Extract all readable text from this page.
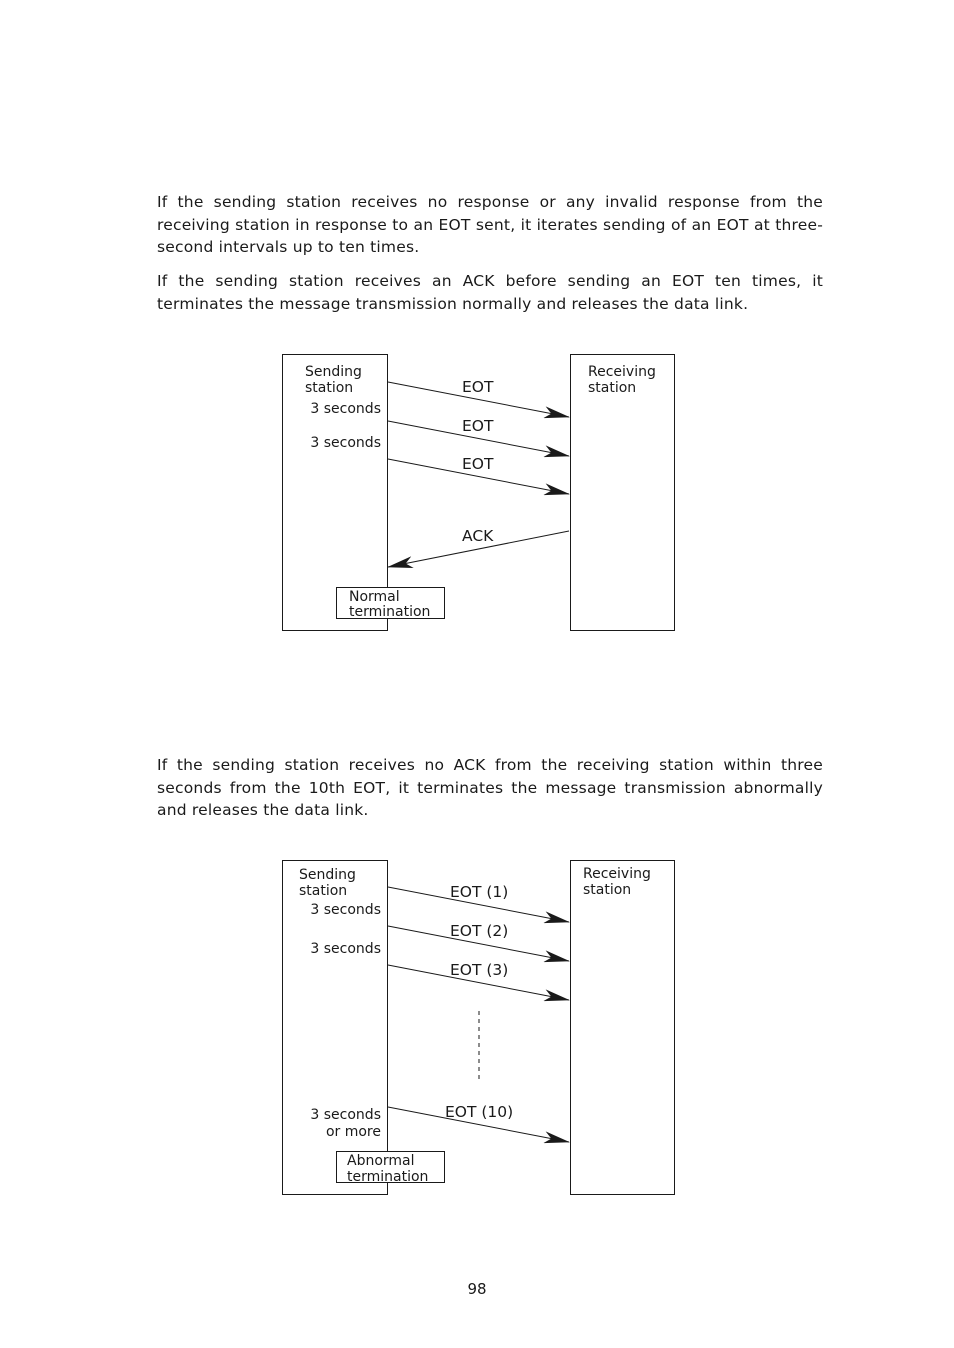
If the sending station receives no response or any invalid response from the receiving station in response to an EOT sent, it iterates sending of an EOT at three-second intervals up to ten times.

If the sending station receives an ACK before sending an EOT ten times, it terminates the message transmission normally and releases the data link.

Sending
station
Receiving
station
3 seconds
3 seconds
EOT
EOT
EOT
ACK
Normal
termination

If the sending station receives no ACK from the receiving station within three seconds from the 10th EOT, it terminates the message transmission abnormally and releases the data link.

Sending
station
Receiving
station
3 seconds
3 seconds
3 seconds
or more
EOT (1)
EOT (2)
EOT (3)
EOT (10)
Abnormal
termination
98
